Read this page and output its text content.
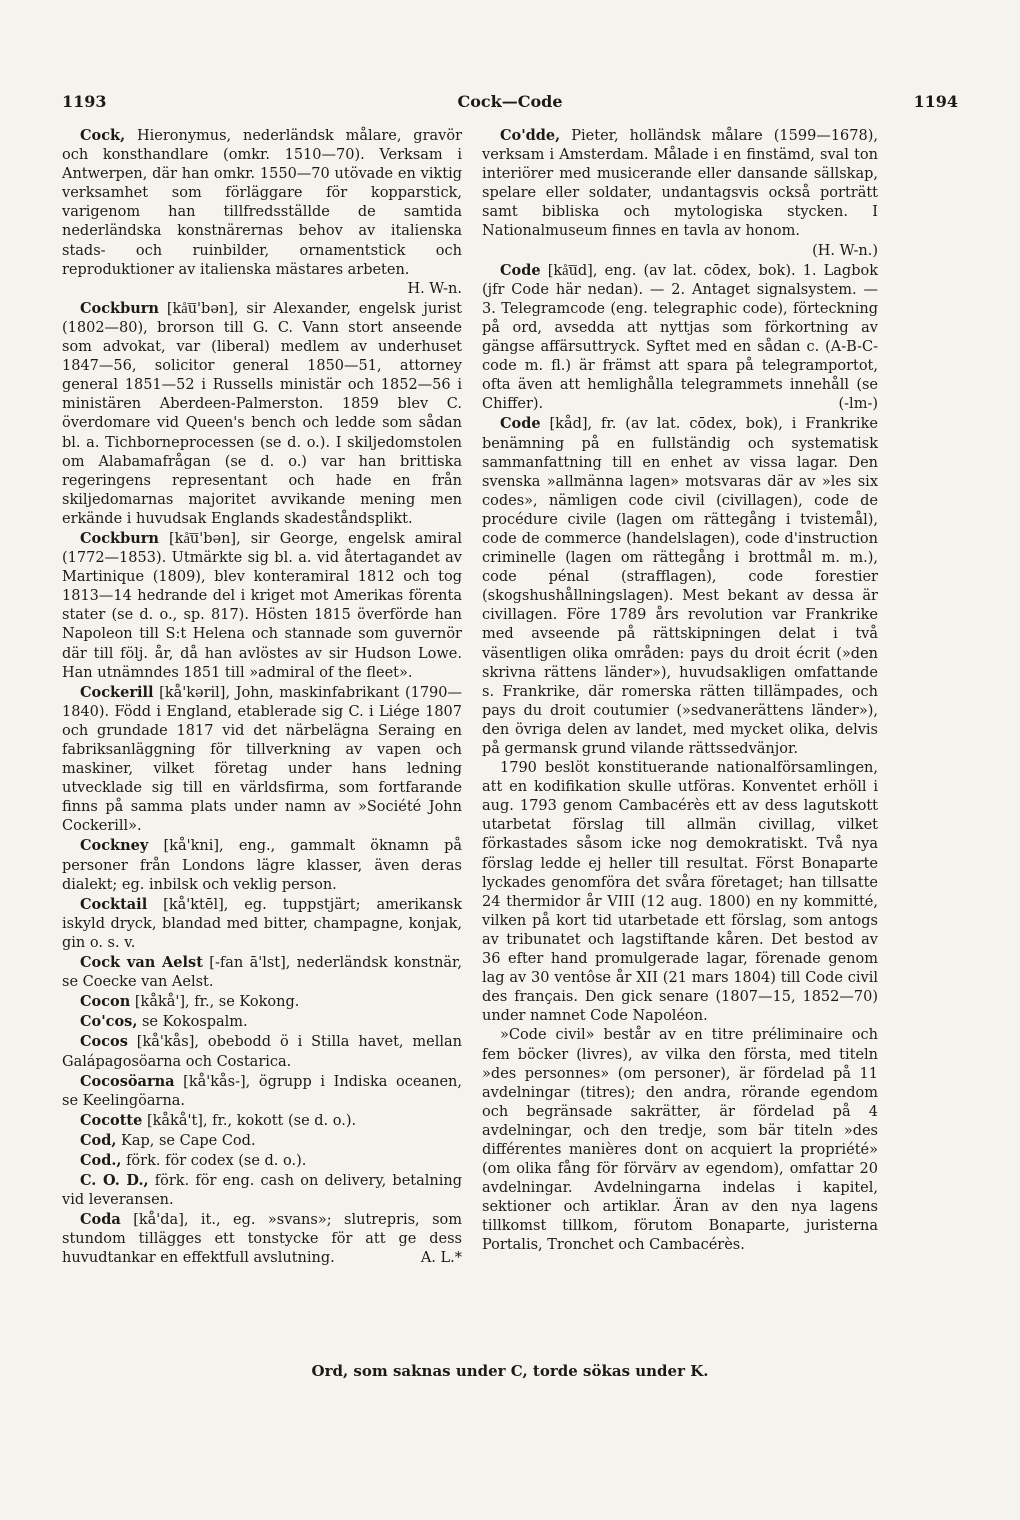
1193	Cock—Code	1194

Cock, Hieronymus, nederländsk målare, gravör och konsthandlare (omkr. 1510—70). Verksam i Antwerpen, där han omkr. 1550—70 utövade en viktig verksamhet som förläggare för kopparstick, varigenom han tillfredsställde de samtida nederländska konstnärernas behov av italienska stads- och ruinbilder, ornamentstick och reproduktioner av italienska mästares arbeten.
H. W-n.

Cockburn [kå͞u'bən], sir Alexander, engelsk jurist (1802—80), brorson till G. C. Vann stort anseende som advokat, var (liberal) medlem av underhuset 1847—56, solicitor general 1850—51, attorney general 1851—52 i Russells ministär och 1852—56 i ministären Aberdeen-Palmerston. 1859 blev C. överdomare vid Queen's bench och ledde som sådan bl. a. Tichborneprocessen (se d. o.). I skiljedomstolen om Alabamafrågan (se d. o.) var han brittiska regeringens representant och hade en från skiljedomarnas majoritet avvikande mening men erkände i huvudsak Englands skadeståndsplikt.

Cockburn [kå͞u'bən], sir George, engelsk amiral (1772—1853). Utmärkte sig bl. a. vid återtagandet av Martinique (1809), blev konteramiral 1812 och tog 1813—14 hedrande del i kriget mot Amerikas förenta stater (se d. o., sp. 817). Hösten 1815 överförde han Napoleon till S:t Helena och stannade som guvernör där till följ. år, då han avlöstes av sir Hudson Lowe. Han utnämndes 1851 till »admiral of the fleet».

Cockerill [kå'kəril], John, maskinfabrikant (1790—1840). Född i England, etablerade sig C. i Liége 1807 och grundade 1817 vid det närbelägna Seraing en fabriksanläggning för tillverkning av vapen och maskiner, vilket företag under hans ledning utvecklade sig till en världsfirma, som fortfarande finns på samma plats under namn av »Société John Cockerill».

Cockney [kå'kni], eng., gammalt öknamn på personer från Londons lägre klasser, även deras dialekt; eg. inbilsk och veklig person.

Cocktail [kå'ktēl], eg. tuppstjärt; amerikansk iskyld dryck, blandad med bitter, champagne, konjak, gin o. s. v.

Cock van Aelst [-fan ā'lst], nederländsk konstnär, se Coecke van Aelst.

Cocon [kåkå'], fr., se Kokong.

Co'cos, se Kokospalm.

Cocos [kå'kås], obebodd ö i Stilla havet, mellan Galápagosöarna och Costarica.

Cocosöarna [kå'kås-], ögrupp i Indiska oceanen, se Keelingöarna.

Cocotte [kåkå't], fr., kokott (se d. o.).

Cod, Kap, se Cape Cod.

Cod., förk. för codex (se d. o.).

C. O. D., förk. för eng. cash on delivery, betalning vid leveransen.

Coda [kå'da], it., eg. »svans»; slutrepris, som stundom tillägges ett tonstycke för att ge dess huvudtankar en effektfull avslutning.	A. L.*

Co'dde, Pieter, holländsk målare (1599—1678), verksam i Amsterdam. Målade i en finstämd, sval ton interiörer med musicerande eller dansande sällskap, spelare eller soldater, undantagsvis också porträtt samt bibliska och mytologiska stycken. I Nationalmuseum finnes en tavla av honom.
(H. W-n.)

Code [kå͞ud], eng. (av lat. cōdex, bok). 1. Lagbok (jfr Code här nedan). — 2. Antaget signalsystem. — 3. Telegramcode (eng. telegraphic code), förteckning på ord, avsedda att nyttjas som förkortning av gängse affärsuttryck. Syftet med en sådan c. (A-B-C-code m. fl.) är främst att spara på telegramportot, ofta även att hemlighålla telegrammets innehåll (se Chiffer).	(-lm-)

Code [kåd], fr. (av lat. cōdex, bok), i Frankrike benämning på en fullständig och systematisk sammanfattning till en enhet av vissa lagar. Den svenska »allmänna lagen» motsvaras där av »les six codes», nämligen code civil (civillagen), code de procédure civile (lagen om rättegång i tvistemål), code de commerce (handelslagen), code d'instruction criminelle (lagen om rättegång i brottmål m. m.), code pénal (strafflagen), code forestier (skogshushållningslagen). Mest bekant av dessa är civillagen. Före 1789 års revolution var Frankrike med avseende på rättskipningen delat i två väsentligen olika områden: pays du droit écrit (»den skrivna rättens länder»), huvudsakligen omfattande s. Frankrike, där romerska rätten tillämpades, och pays du droit coutumier (»sedvanerättens länder»), den övriga delen av landet, med mycket olika, delvis på germansk grund vilande rättssedvänjor.

1790 beslöt konstituerande nationalförsamlingen, att en kodifikation skulle utföras. Konventet erhöll i aug. 1793 genom Cambacérès ett av dess lagutskott utarbetat förslag till allmän civillag, vilket förkastades såsom icke nog demokratiskt. Två nya förslag ledde ej heller till resultat. Först Bonaparte lyckades genomföra det svåra företaget; han tillsatte 24 thermidor år VIII (12 aug. 1800) en ny kommitté, vilken på kort tid utarbetade ett förslag, som antogs av tribunatet och lagstiftande kåren. Det bestod av 36 efter hand promulgerade lagar, förenade genom lag av 30 ventôse år XII (21 mars 1804) till Code civil des français. Den gick senare (1807—15, 1852—70) under namnet Code Napoléon.

»Code civil» består av en titre préliminaire och fem böcker (livres), av vilka den första, med titeln »des personnes» (om personer), är fördelad på 11 avdelningar (titres); den andra, rörande egendom och begränsade sakrätter, är fördelad på 4 avdelningar, och den tredje, som bär titeln »des différentes manières dont on acquiert la propriété» (om olika fång för förvärv av egendom), omfattar 20 avdelningar. Avdelningarna indelas i kapitel, sektioner och artiklar. Äran av den nya lagens tillkomst tillkom, förutom Bonaparte, juristerna Portalis, Tronchet och Cambacérès.

Ord, som saknas under C, torde sökas under K.
